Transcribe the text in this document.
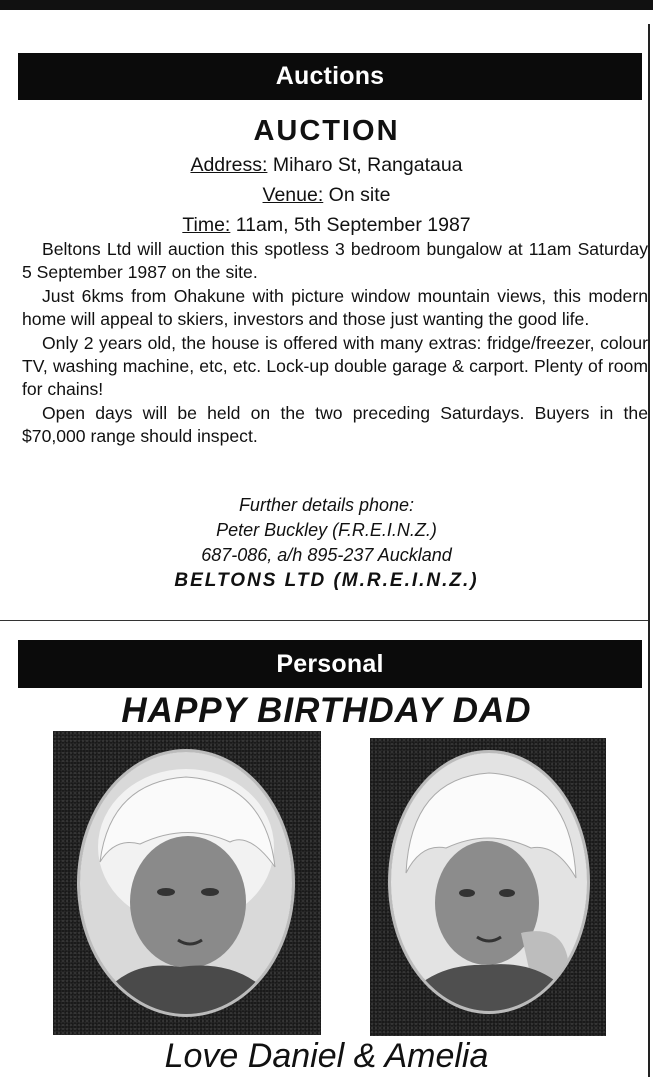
Auctions
AUCTION
Address: Miharo St, Rangataua
Venue: On site
Time: 11am, 5th September 1987

Beltons Ltd will auction this spotless 3 bedroom bungalow at 11am Saturday 5 September 1987 on the site.

Just 6kms from Ohakune with picture window mountain views, this modern home will appeal to skiers, investors and those just wanting the good life.

Only 2 years old, the house is offered with many extras: fridge/freezer, colour TV, washing machine, etc, etc. Lock-up double garage & carport. Plenty of room for chains!

Open days will be held on the two preceding Saturdays. Buyers in the $70,000 range should inspect.

Further details phone:
Peter Buckley (F.R.E.I.N.Z.)
687-086, a/h 895-237 Auckland
BELTONS LTD (M.R.E.I.N.Z.)
Personal
HAPPY BIRTHDAY DAD
Love Daniel & Amelia
